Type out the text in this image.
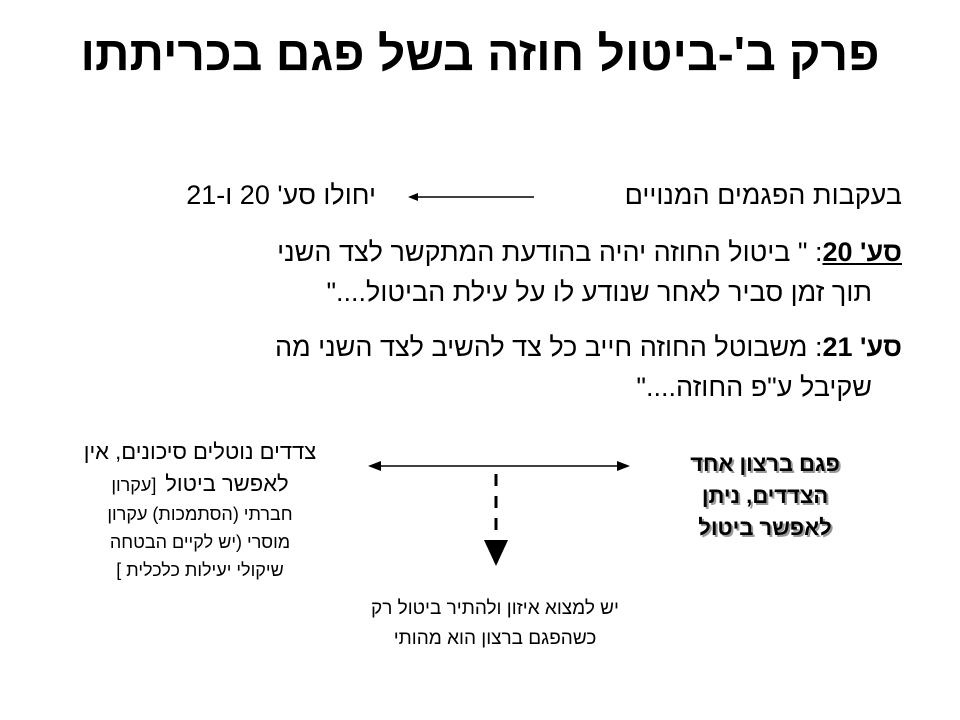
פרק ב'-ביטול חוזה בשל פגם בכריתתו
בעקבות הפגמים המנויים
יחולו סע' 20 ו-21
סע' 20: " ביטול החוזה יהיה בהודעת המתקשר לצד השני
תוך זמן סביר לאחר שנודע לו על עילת הביטול...."
סע' 21: משבוטל החוזה חייב כל צד להשיב לצד השני מה
שקיבל ע"פ החוזה...."
צדדים נוטלים סיכונים, אין
לאפשר ביטול  [עקרון
חברתי (הסתמכות) עקרון
מוסרי (יש לקיים הבטחה
שיקולי יעילות כלכלית ]
פגם ברצון אחד
הצדדים, ניתן
לאפשר ביטול
יש למצוא איזון ולהתיר ביטול רק
כשהפגם ברצון הוא מהותי
